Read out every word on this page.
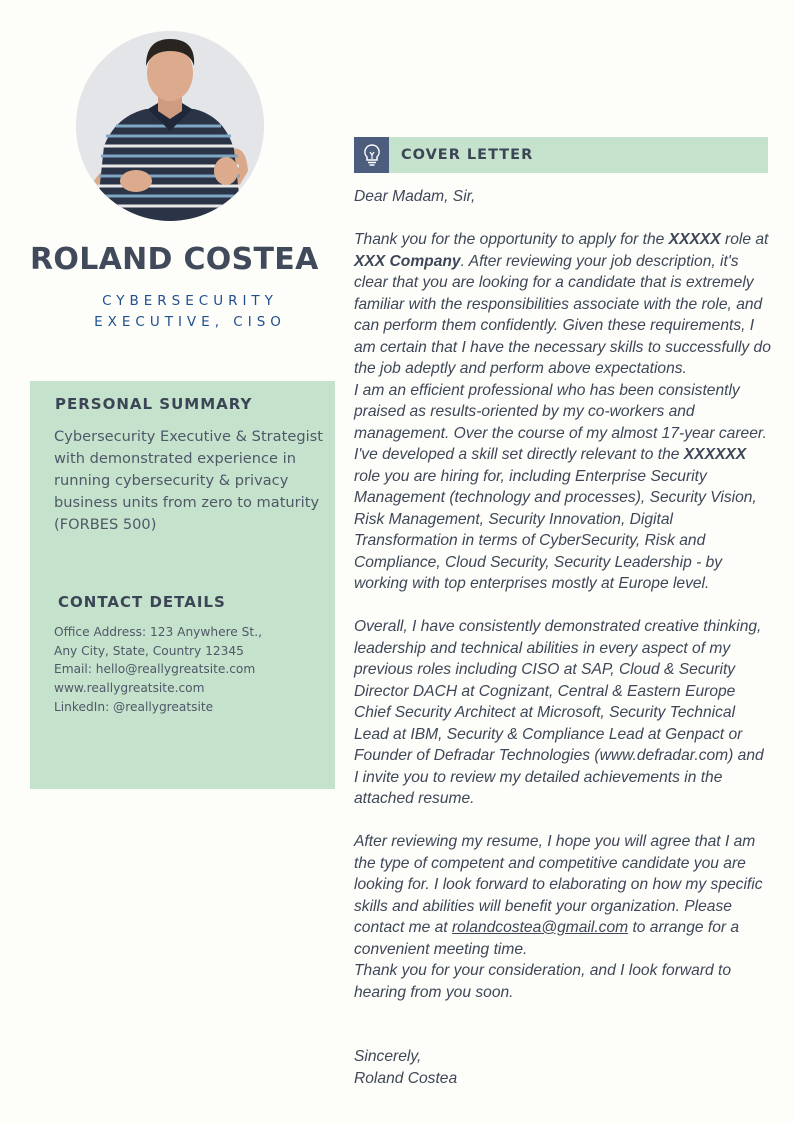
ROLAND COSTEA
CYBERSECURITY
EXECUTIVE, CISO
PERSONAL SUMMARY
Cybersecurity Executive & Strategist with demonstrated experience in running cybersecurity & privacy business units from zero to maturity (FORBES 500)
CONTACT DETAILS
Office Address: 123 Anywhere St.,
Any City, State, Country 12345
Email: hello@reallygreatsite.com
www.reallygreatsite.com
LinkedIn: @reallygreatsite
COVER LETTER

Dear Madam, Sir,

Thank you for the opportunity to apply for the XXXXX role at XXX Company. After reviewing your job description, it's clear that you are looking for a candidate that is extremely familiar with the responsibilities associate with the role, and can perform them confidently. Given these requirements, I am certain that I have the necessary skills to successfully do the job adeptly and perform above expectations.

I am an efficient professional who has been consistently praised as results-oriented by my co-workers and management. Over the course of my almost 17-year career. I've developed a skill set directly relevant to the XXXXXX role you are hiring for, including Enterprise Security Management (technology and processes), Security Vision, Risk Management, Security Innovation, Digital Transformation in terms of CyberSecurity, Risk and Compliance, Cloud Security, Security Leadership - by working with top enterprises mostly at Europe level.

Overall, I have consistently demonstrated creative thinking, leadership and technical abilities in every aspect of my previous roles including CISO at SAP, Cloud & Security Director DACH at Cognizant, Central & Eastern Europe Chief Security Architect at Microsoft, Security Technical Lead at IBM, Security & Compliance Lead at Genpact or Founder of Defradar Technologies (www.defradar.com) and I invite you to review my detailed achievements in the attached resume.

After reviewing my resume, I hope you will agree that I am the type of competent and competitive candidate you are looking for. I look forward to elaborating on how my specific skills and abilities will benefit your organization. Please contact me at rolandcostea@gmail.com to arrange for a convenient meeting time.

Thank you for your consideration, and I look forward to hearing from you soon.

Sincerely,

Roland Costea
